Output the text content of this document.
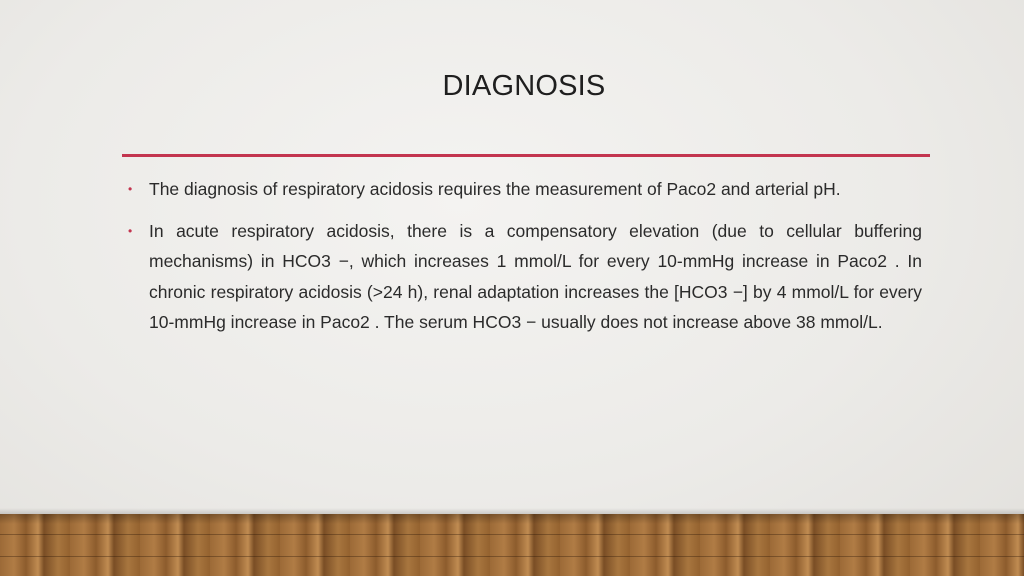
DIAGNOSIS
• The diagnosis of respiratory acidosis requires the measurement of Paco2 and arterial pH.
• In acute respiratory acidosis, there is a compensatory elevation (due to cellular buffering mechanisms) in HCO3 −, which increases 1 mmol/L for every 10-mmHg increase in Paco2 . In chronic respiratory acidosis (>24 h), renal adaptation increases the [HCO3 −] by 4 mmol/L for every 10-mmHg increase in Paco2 . The serum HCO3 − usually does not increase above 38 mmol/L.
